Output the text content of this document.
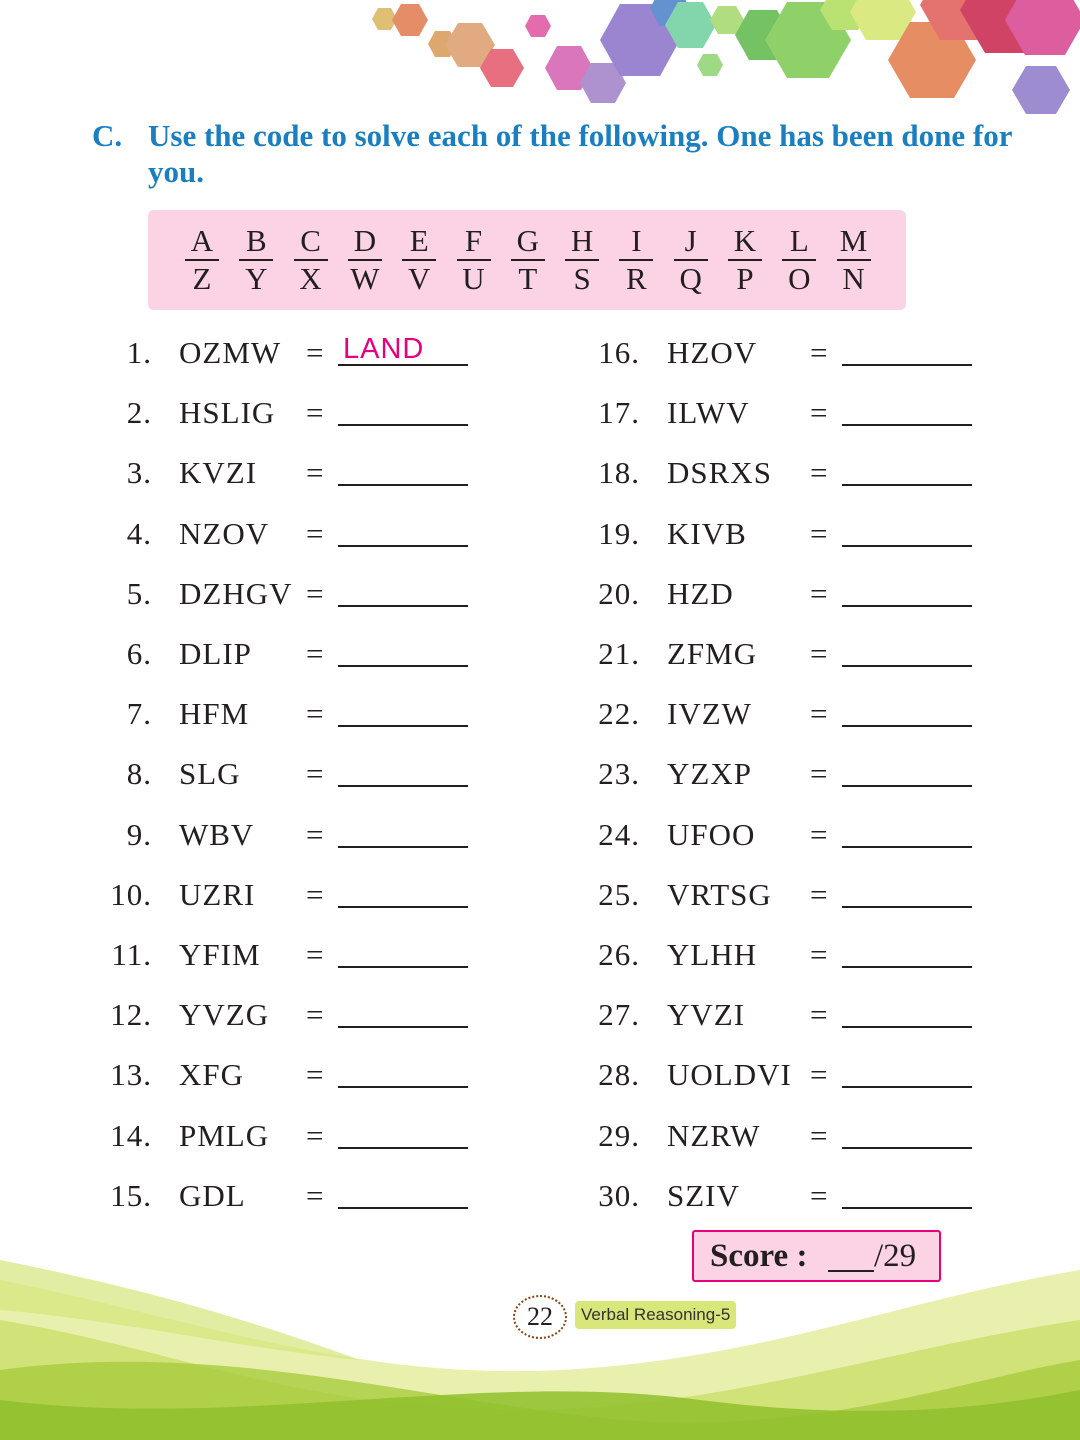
C. Use the code to solve each of the following. One has been done for you.
A
Z
B
Y
C
X
D
W
E
V
F
U
G
T
H
S
I
R
J
Q
K
P
L
O
M
N
1. OZMW = LAND
2. HSLIG =
3. KVZI =
4. NZOV =
5. DZHGV =
6. DLIP =
7. HFM =
8. SLG =
9. WBV =
10. UZRI =
11. YFIM =
12. YVZG =
13. XFG =
14. PMLG =
15. GDL =
16. HZOV =
17. ILWV =
18. DSRXS =
19. KIVB =
20. HZD =
21. ZFMG =
22. IVZW =
23. YZXP =
24. UFOO =
25. VRTSG =
26. YLHH =
27. YVZI =
28. UOLDVI =
29. NZRW =
30. SZIV =
Score : /29
22	Verbal Reasoning-5
